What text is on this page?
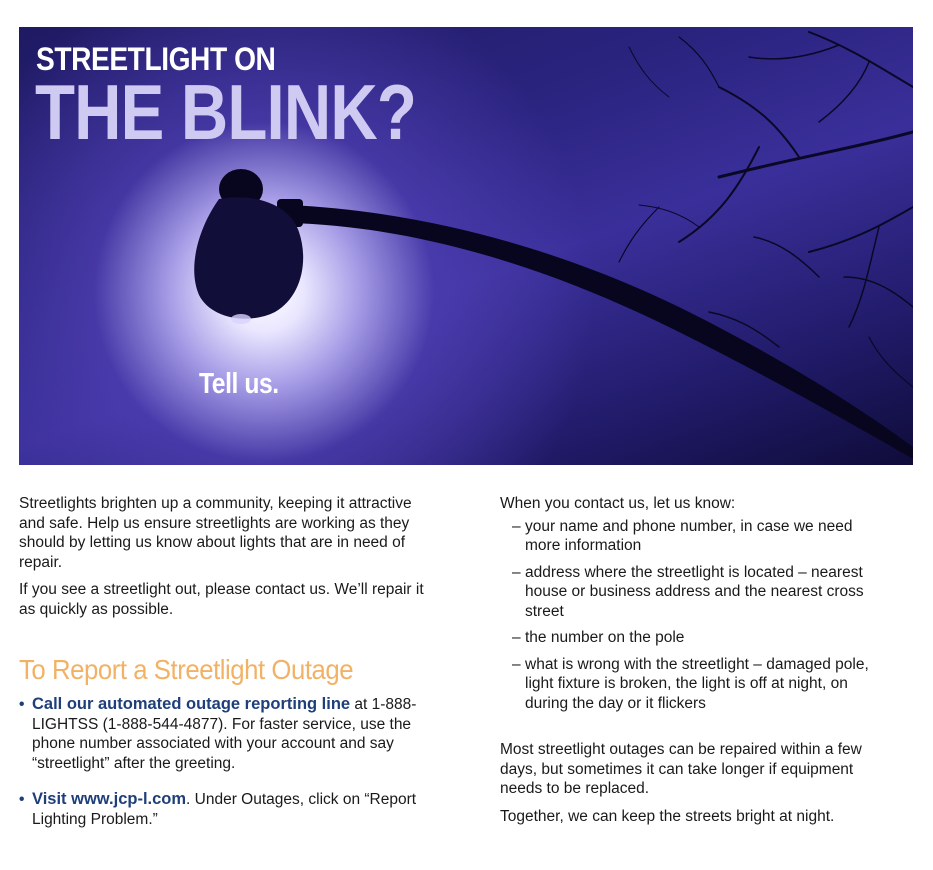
STREETLIGHT ON
THE BLINK?

Tell us.

Streetlights brighten up a community, keeping it attractive and safe. Help us ensure streetlights are working as they should by letting us know about lights that are in need of repair.

If you see a streetlight out, please contact us. We’ll repair it as quickly as possible.

To Report a Streetlight Outage
• Call our automated outage reporting line at 1-888-LIGHTSS (1-888-544-4877). For faster service, use the phone number associated with your account and say “streetlight” after the greeting.
• Visit www.jcp-l.com. Under Outages, click on “Report Lighting Problem.”

When you contact us, let us know:

– your name and phone number, in case we need more information
– address where the streetlight is located – nearest house or business address and the nearest cross street
– the number on the pole
– what is wrong with the streetlight – damaged pole, light fixture is broken, the light is off at night, on during the day or it flickers

Most streetlight outages can be repaired within a few days, but sometimes it can take longer if equipment needs to be replaced.

Together, we can keep the streets bright at night.
